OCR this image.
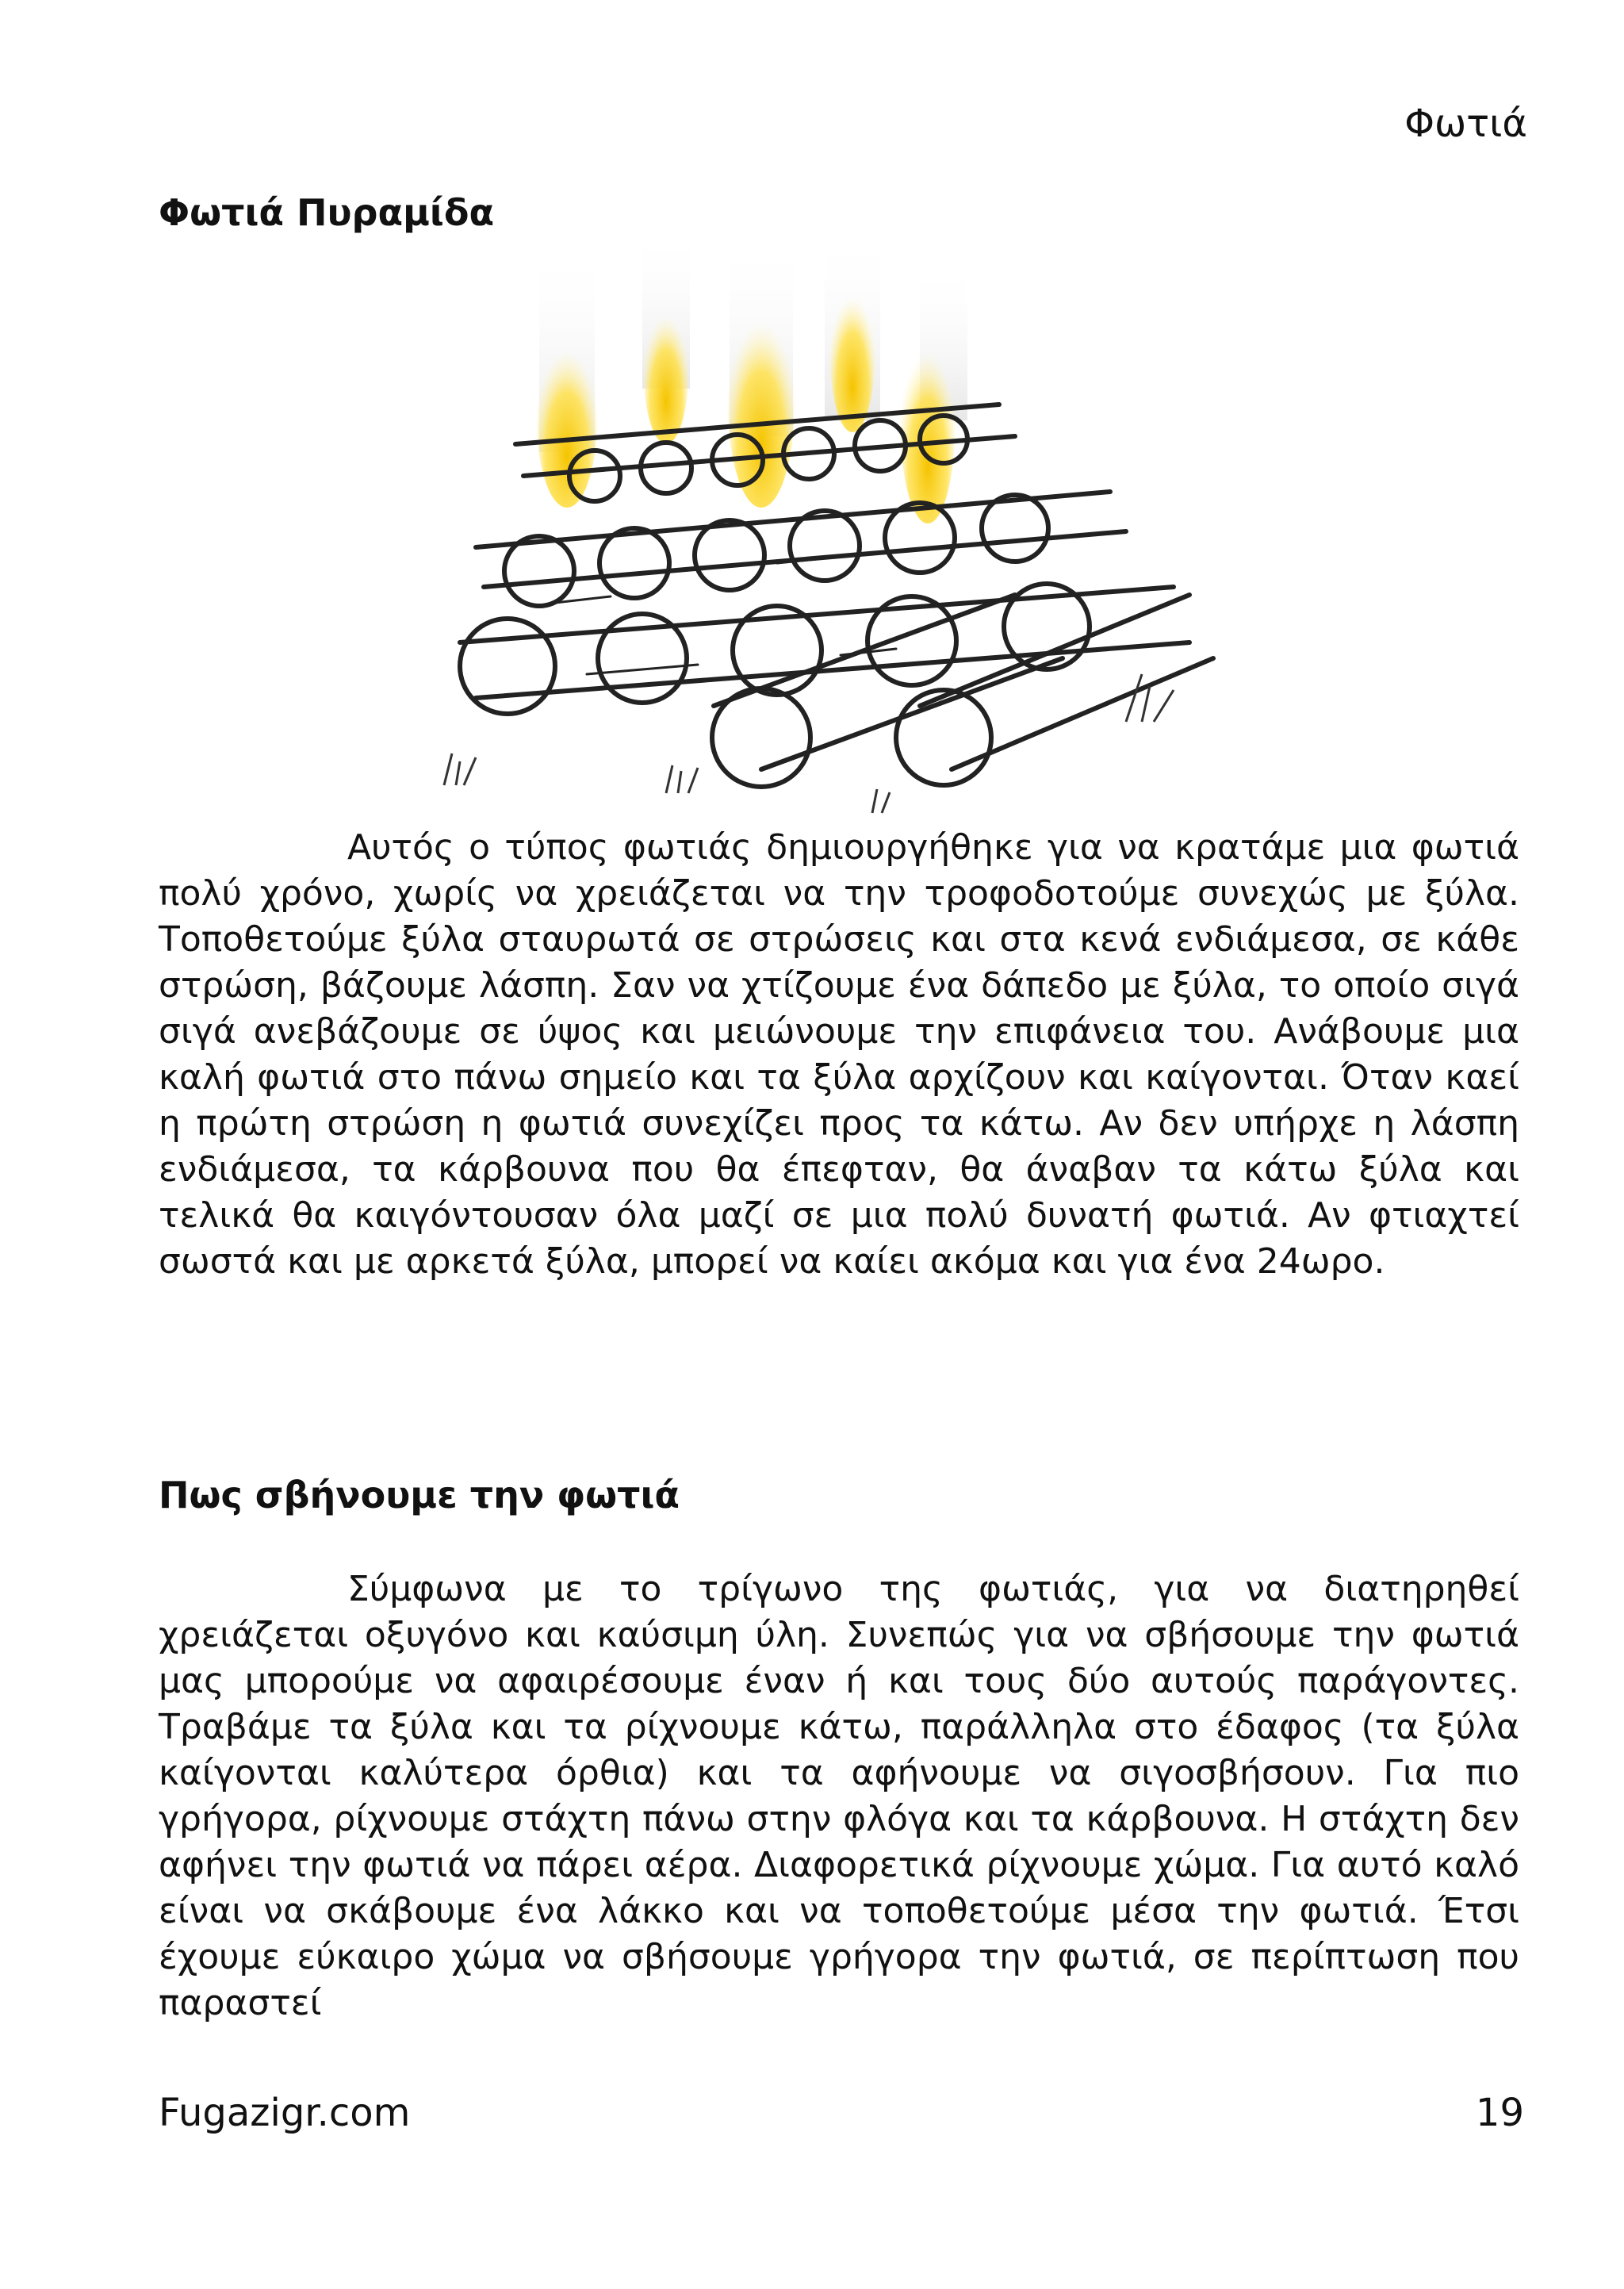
Φωτιά
Φωτιά Πυραμίδα

Αυτός ο τύπος φωτιάς δημιουργήθηκε για να κρατάμε μια φωτιά πολύ χρόνο, χωρίς να χρειάζεται να την τροφοδοτούμε συνεχώς με ξύλα. Τοποθετούμε ξύλα σταυρωτά σε στρώσεις και στα κενά ενδιάμεσα, σε κάθε στρώση, βάζουμε λάσπη. Σαν να χτίζουμε ένα δάπεδο με ξύλα, το οποίο σιγά σιγά ανεβάζουμε σε ύψος και μειώνουμε την επιφάνεια του. Ανάβουμε μια καλή φωτιά στο πάνω σημείο και τα ξύλα αρχίζουν και καίγονται. Όταν καεί η πρώτη στρώση η φωτιά συνεχίζει προς τα κάτω. Αν δεν υπήρχε η λάσπη ενδιάμεσα, τα κάρβουνα που θα έπεφταν, θα άναβαν τα κάτω ξύλα και τελικά θα καιγόντουσαν όλα μαζί σε μια πολύ δυνατή φωτιά. Αν φτιαχτεί σωστά και με αρκετά ξύλα, μπορεί να καίει ακόμα και για ένα 24ωρο.

Πως σβήνουμε την φωτιά

Σύμφωνα με το τρίγωνο της φωτιάς, για να διατηρηθεί χρειάζεται οξυγόνο και καύσιμη ύλη. Συνεπώς για να σβήσουμε την φωτιά μας μπορούμε να αφαιρέσουμε έναν ή και τους δύο αυτούς παράγοντες. Τραβάμε τα ξύλα και τα ρίχνουμε κάτω, παράλληλα στο έδαφος (τα ξύλα καίγονται καλύτερα όρθια) και τα αφήνουμε να σιγοσβήσουν. Για πιο γρήγορα, ρίχνουμε στάχτη πάνω στην φλόγα και τα κάρβουνα. Η στάχτη δεν αφήνει την φωτιά να πάρει αέρα. Διαφορετικά ρίχνουμε χώμα. Για αυτό καλό είναι να σκάβουμε ένα λάκκο και να τοποθετούμε μέσα την φωτιά. Έτσι έχουμε εύκαιρο χώμα να σβήσουμε γρήγορα την φωτιά, σε περίπτωση που παραστεί

Fugazigr.com	19
